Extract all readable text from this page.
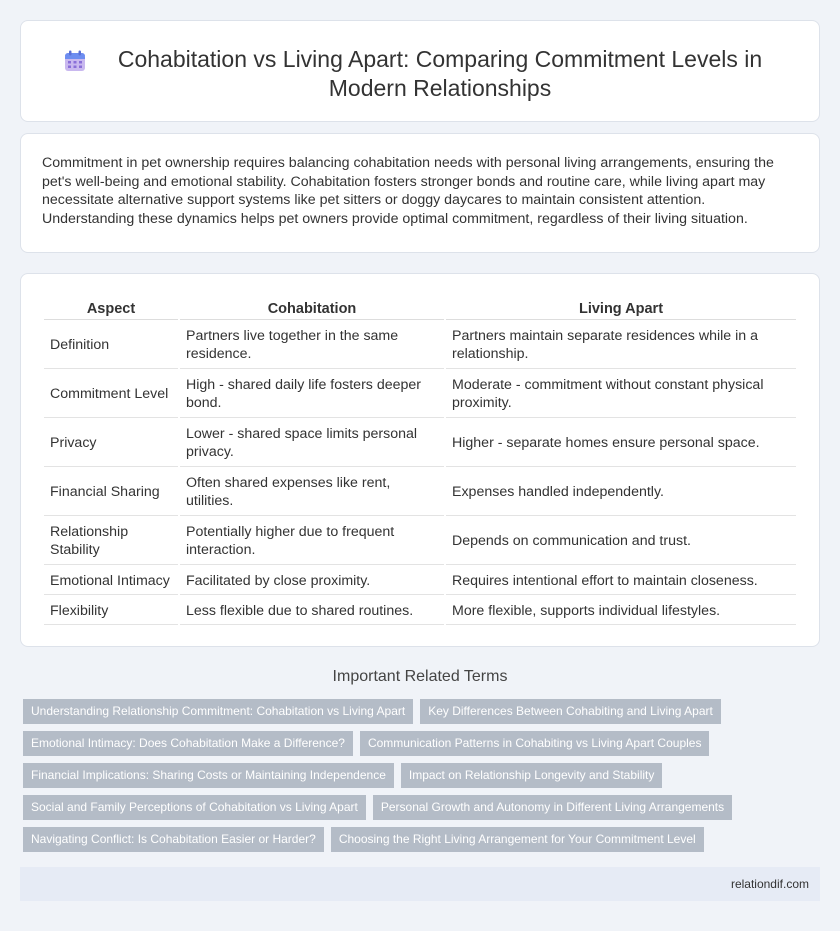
Cohabitation vs Living Apart: Comparing Commitment Levels in Modern Relationships

Commitment in pet ownership requires balancing cohabitation needs with personal living arrangements, ensuring the pet's well-being and emotional stability. Cohabitation fosters stronger bonds and routine care, while living apart may necessitate alternative support systems like pet sitters or doggy daycares to maintain consistent attention. Understanding these dynamics helps pet owners provide optimal commitment, regardless of their living situation.

Aspect	Cohabitation	Living Apart
Definition	Partners live together in the same residence.	Partners maintain separate residences while in a relationship.
Commitment Level	High - shared daily life fosters deeper bond.	Moderate - commitment without constant physical proximity.
Privacy	Lower - shared space limits personal privacy.	Higher - separate homes ensure personal space.
Financial Sharing	Often shared expenses like rent, utilities.	Expenses handled independently.
Relationship Stability	Potentially higher due to frequent interaction.	Depends on communication and trust.
Emotional Intimacy	Facilitated by close proximity.	Requires intentional effort to maintain closeness.
Flexibility	Less flexible due to shared routines.	More flexible, supports individual lifestyles.
Important Related Terms
Understanding Relationship Commitment: Cohabitation vs Living Apart	Key Differences Between Cohabiting and Living Apart
Emotional Intimacy: Does Cohabitation Make a Difference?	Communication Patterns in Cohabiting vs Living Apart Couples
Financial Implications: Sharing Costs or Maintaining Independence	Impact on Relationship Longevity and Stability
Social and Family Perceptions of Cohabitation vs Living Apart	Personal Growth and Autonomy in Different Living Arrangements
Navigating Conflict: Is Cohabitation Easier or Harder?	Choosing the Right Living Arrangement for Your Commitment Level
relationdif.com
